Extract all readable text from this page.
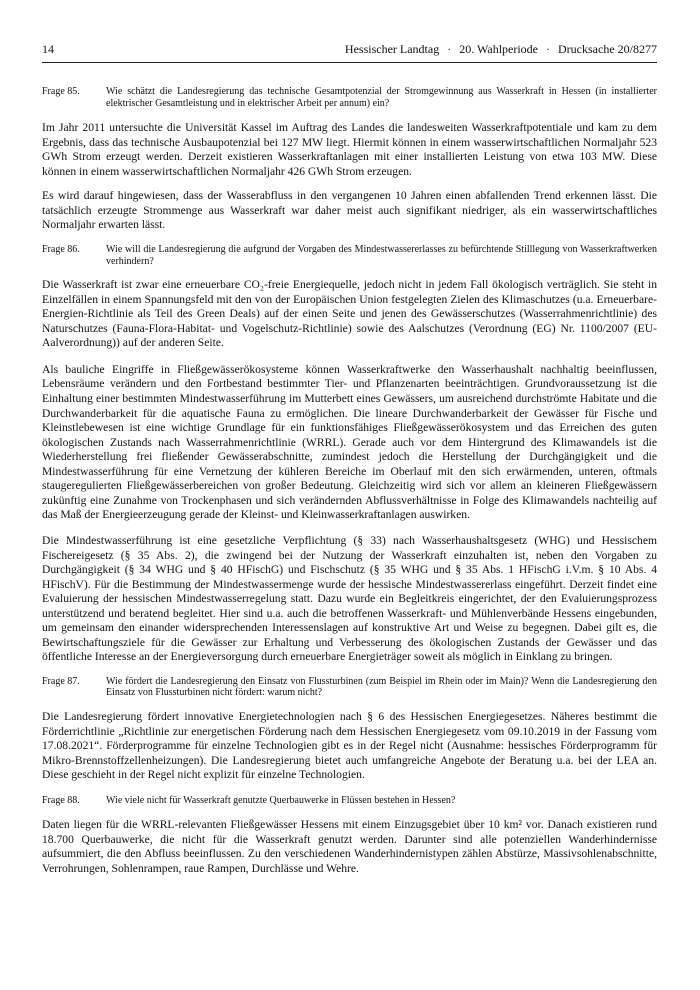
14	Hessischer Landtag · 20. Wahlperiode · Drucksache 20/8277
Frage 85.	Wie schätzt die Landesregierung das technische Gesamtpotenzial der Stromgewinnung aus Wasserkraft in Hessen (in installierter elektrischer Gesamtleistung und in elektrischer Arbeit per annum) ein?

Im Jahr 2011 untersuchte die Universität Kassel im Auftrag des Landes die landesweiten Wasserkraftpotentiale und kam zu dem Ergebnis, dass das technische Ausbaupotenzial bei 127 MW liegt. Hiermit können in einem wasserwirtschaftlichen Normaljahr 523 GWh Strom erzeugt werden. Derzeit existieren Wasserkraftanlagen mit einer installierten Leistung von etwa 103 MW. Diese können in einem wasserwirtschaftlichen Normaljahr 426 GWh Strom erzeugen.

Es wird darauf hingewiesen, dass der Wasserabfluss in den vergangenen 10 Jahren einen abfallenden Trend erkennen lässt. Die tatsächlich erzeugte Strommenge aus Wasserkraft war daher meist auch signifikant niedriger, als ein wasserwirtschaftliches Normaljahr erwarten lässt.

Frage 86.	Wie will die Landesregierung die aufgrund der Vorgaben des Mindestwassererlasses zu befürchtende Stilllegung von Wasserkraftwerken verhindern?

Die Wasserkraft ist zwar eine erneuerbare CO₂-freie Energiequelle, jedoch nicht in jedem Fall ökologisch verträglich. Sie steht in Einzelfällen in einem Spannungsfeld mit den von der Europäischen Union festgelegten Zielen des Klimaschutzes (u.a. Erneuerbare-Energien-Richtlinie als Teil des Green Deals) auf der einen Seite und jenen des Gewässerschutzes (Wasserrahmenrichtlinie) des Naturschutzes (Fauna-Flora-Habitat- und Vogelschutz-Richtlinie) sowie des Aalschutzes (Verordnung (EG) Nr. 1100/2007 (EU-Aalverordnung)) auf der anderen Seite.

Als bauliche Eingriffe in Fließgewässerökosysteme können Wasserkraftwerke den Wasserhaushalt nachhaltig beeinflussen, Lebensräume verändern und den Fortbestand bestimmter Tier- und Pflanzenarten beeinträchtigen. Grundvoraussetzung ist die Einhaltung einer bestimmten Mindestwasserführung im Mutterbett eines Gewässers, um ausreichend durchströmte Habitate und die Durchwanderbarkeit für die aquatische Fauna zu ermöglichen. Die lineare Durchwanderbarkeit der Gewässer für Fische und Kleinstlebewesen ist eine wichtige Grundlage für ein funktionsfähiges Fließgewässerökosystem und das Erreichen des guten ökologischen Zustands nach Wasserrahmenrichtlinie (WRRL). Gerade auch vor dem Hintergrund des Klimawandels ist die Wiederherstellung frei fließender Gewässerabschnitte, zumindest jedoch die Herstellung der Durchgängigkeit und die Mindestwasserführung für eine Vernetzung der kühleren Bereiche im Oberlauf mit den sich erwärmenden, unteren, oftmals staugeregulierten Fließgewässerbereichen von großer Bedeutung. Gleichzeitig wird sich vor allem an kleineren Fließgewässern zukünftig eine Zunahme von Trockenphasen und sich verändernden Abflussverhältnisse in Folge des Klimawandels nachteilig auf das Maß der Energieerzeugung gerade der Kleinst- und Kleinwasserkraftanlagen auswirken.

Die Mindestwasserführung ist eine gesetzliche Verpflichtung (§ 33) nach Wasserhaushaltsgesetz (WHG) und Hessischem Fischereigesetz (§ 35 Abs. 2), die zwingend bei der Nutzung der Wasserkraft einzuhalten ist, neben den Vorgaben zu Durchgängigkeit (§ 34 WHG und § 40 HFischG) und Fischschutz (§ 35 WHG und § 35 Abs. 1 HFischG i.V.m. § 10 Abs. 4 HFischV). Für die Bestimmung der Mindestwassermenge wurde der hessische Mindestwassererlass eingeführt. Derzeit findet eine Evaluierung der hessischen Mindestwasserregelung statt. Dazu wurde ein Begleitkreis eingerichtet, der den Evaluierungsprozess unterstützend und beratend begleitet. Hier sind u.a. auch die betroffenen Wasserkraft- und Mühlenverbände Hessens eingebunden, um gemeinsam den einander widersprechenden Interessenslagen auf konstruktive Art und Weise zu begegnen. Dabei gilt es, die Bewirtschaftungsziele für die Gewässer zur Erhaltung und Verbesserung des ökologischen Zustands der Gewässer und das öffentliche Interesse an der Energieversorgung durch erneuerbare Energieträger soweit als möglich in Einklang zu bringen.

Frage 87.	Wie fördert die Landesregierung den Einsatz von Flussturbinen (zum Beispiel im Rhein oder im Main)? Wenn die Landesregierung den Einsatz von Flussturbinen nicht fördert: warum nicht?

Die Landesregierung fördert innovative Energietechnologien nach § 6 des Hessischen Energiegesetzes. Näheres bestimmt die Förderrichtlinie „Richtlinie zur energetischen Förderung nach dem Hessischen Energiegesetz vom 09.10.2019 in der Fassung vom 17.08.2021“. Förderprogramme für einzelne Technologien gibt es in der Regel nicht (Ausnahme: hessisches Förderprogramm für Mikro-Brennstoffzellenheizungen). Die Landesregierung bietet auch umfangreiche Angebote der Beratung u.a. bei der LEA an. Diese geschieht in der Regel nicht explizit für einzelne Technologien.

Frage 88.	Wie viele nicht für Wasserkraft genutzte Querbauwerke in Flüssen bestehen in Hessen?

Daten liegen für die WRRL-relevanten Fließgewässer Hessens mit einem Einzugsgebiet über 10 km² vor. Danach existieren rund 18.700 Querbauwerke, die nicht für die Wasserkraft genutzt werden. Darunter sind alle potenziellen Wanderhindernisse aufsummiert, die den Abfluss beeinflussen. Zu den verschiedenen Wanderhindernistypen zählen Abstürze, Massivsohlenabschnitte, Verrohrungen, Sohlenrampen, raue Rampen, Durchlässe und Wehre.
